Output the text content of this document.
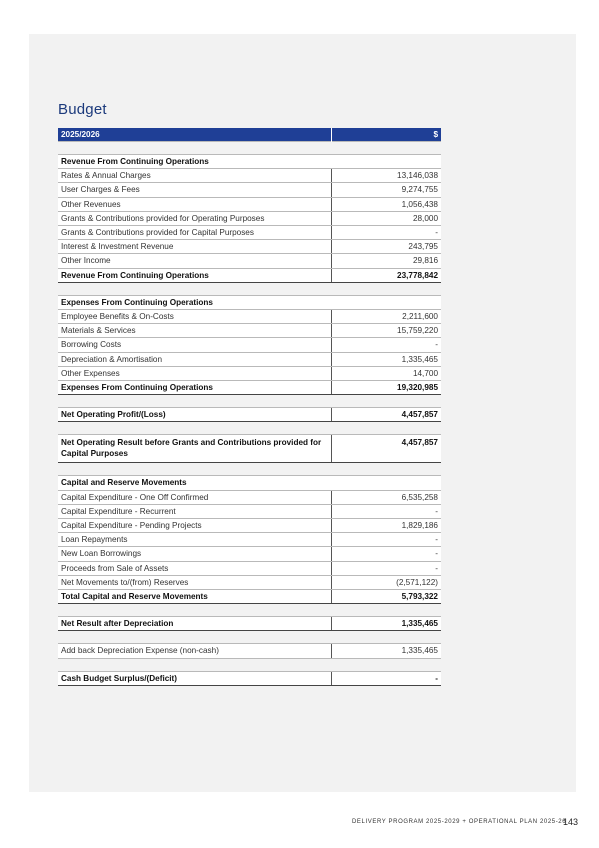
Budget
2025/2026	$

Revenue From Continuing Operations	
Rates & Annual Charges	13,146,038
User Charges & Fees	9,274,755
Other Revenues	1,056,438
Grants & Contributions provided for Operating Purposes	28,000
Grants & Contributions provided for Capital Purposes	-
Interest & Investment Revenue	243,795
Other Income	29,816
Revenue From Continuing Operations	23,778,842

Expenses From Continuing Operations	
Employee Benefits & On-Costs	2,211,600
Materials & Services	15,759,220
Borrowing Costs	-
Depreciation & Amortisation	1,335,465
Other Expenses	14,700
Expenses From Continuing Operations	19,320,985

Net Operating Profit/(Loss)	4,457,857

Net Operating Result before Grants and Contributions provided for Capital Purposes	4,457,857

Capital and Reserve Movements	
Capital Expenditure - One Off Confirmed	6,535,258
Capital Expenditure - Recurrent	-
Capital Expenditure - Pending Projects	1,829,186
Loan Repayments	-
New Loan Borrowings	-
Proceeds from Sale of Assets	-
Net Movements to/(from) Reserves	(2,571,122)
Total Capital and Reserve Movements	5,793,322

Net Result after Depreciation	1,335,465

Add back Depreciation Expense (non-cash)	1,335,465

Cash Budget Surplus/(Deficit)	-
DELIVERY PROGRAM 2025-2029 + OPERATIONAL PLAN 2025-26
143
